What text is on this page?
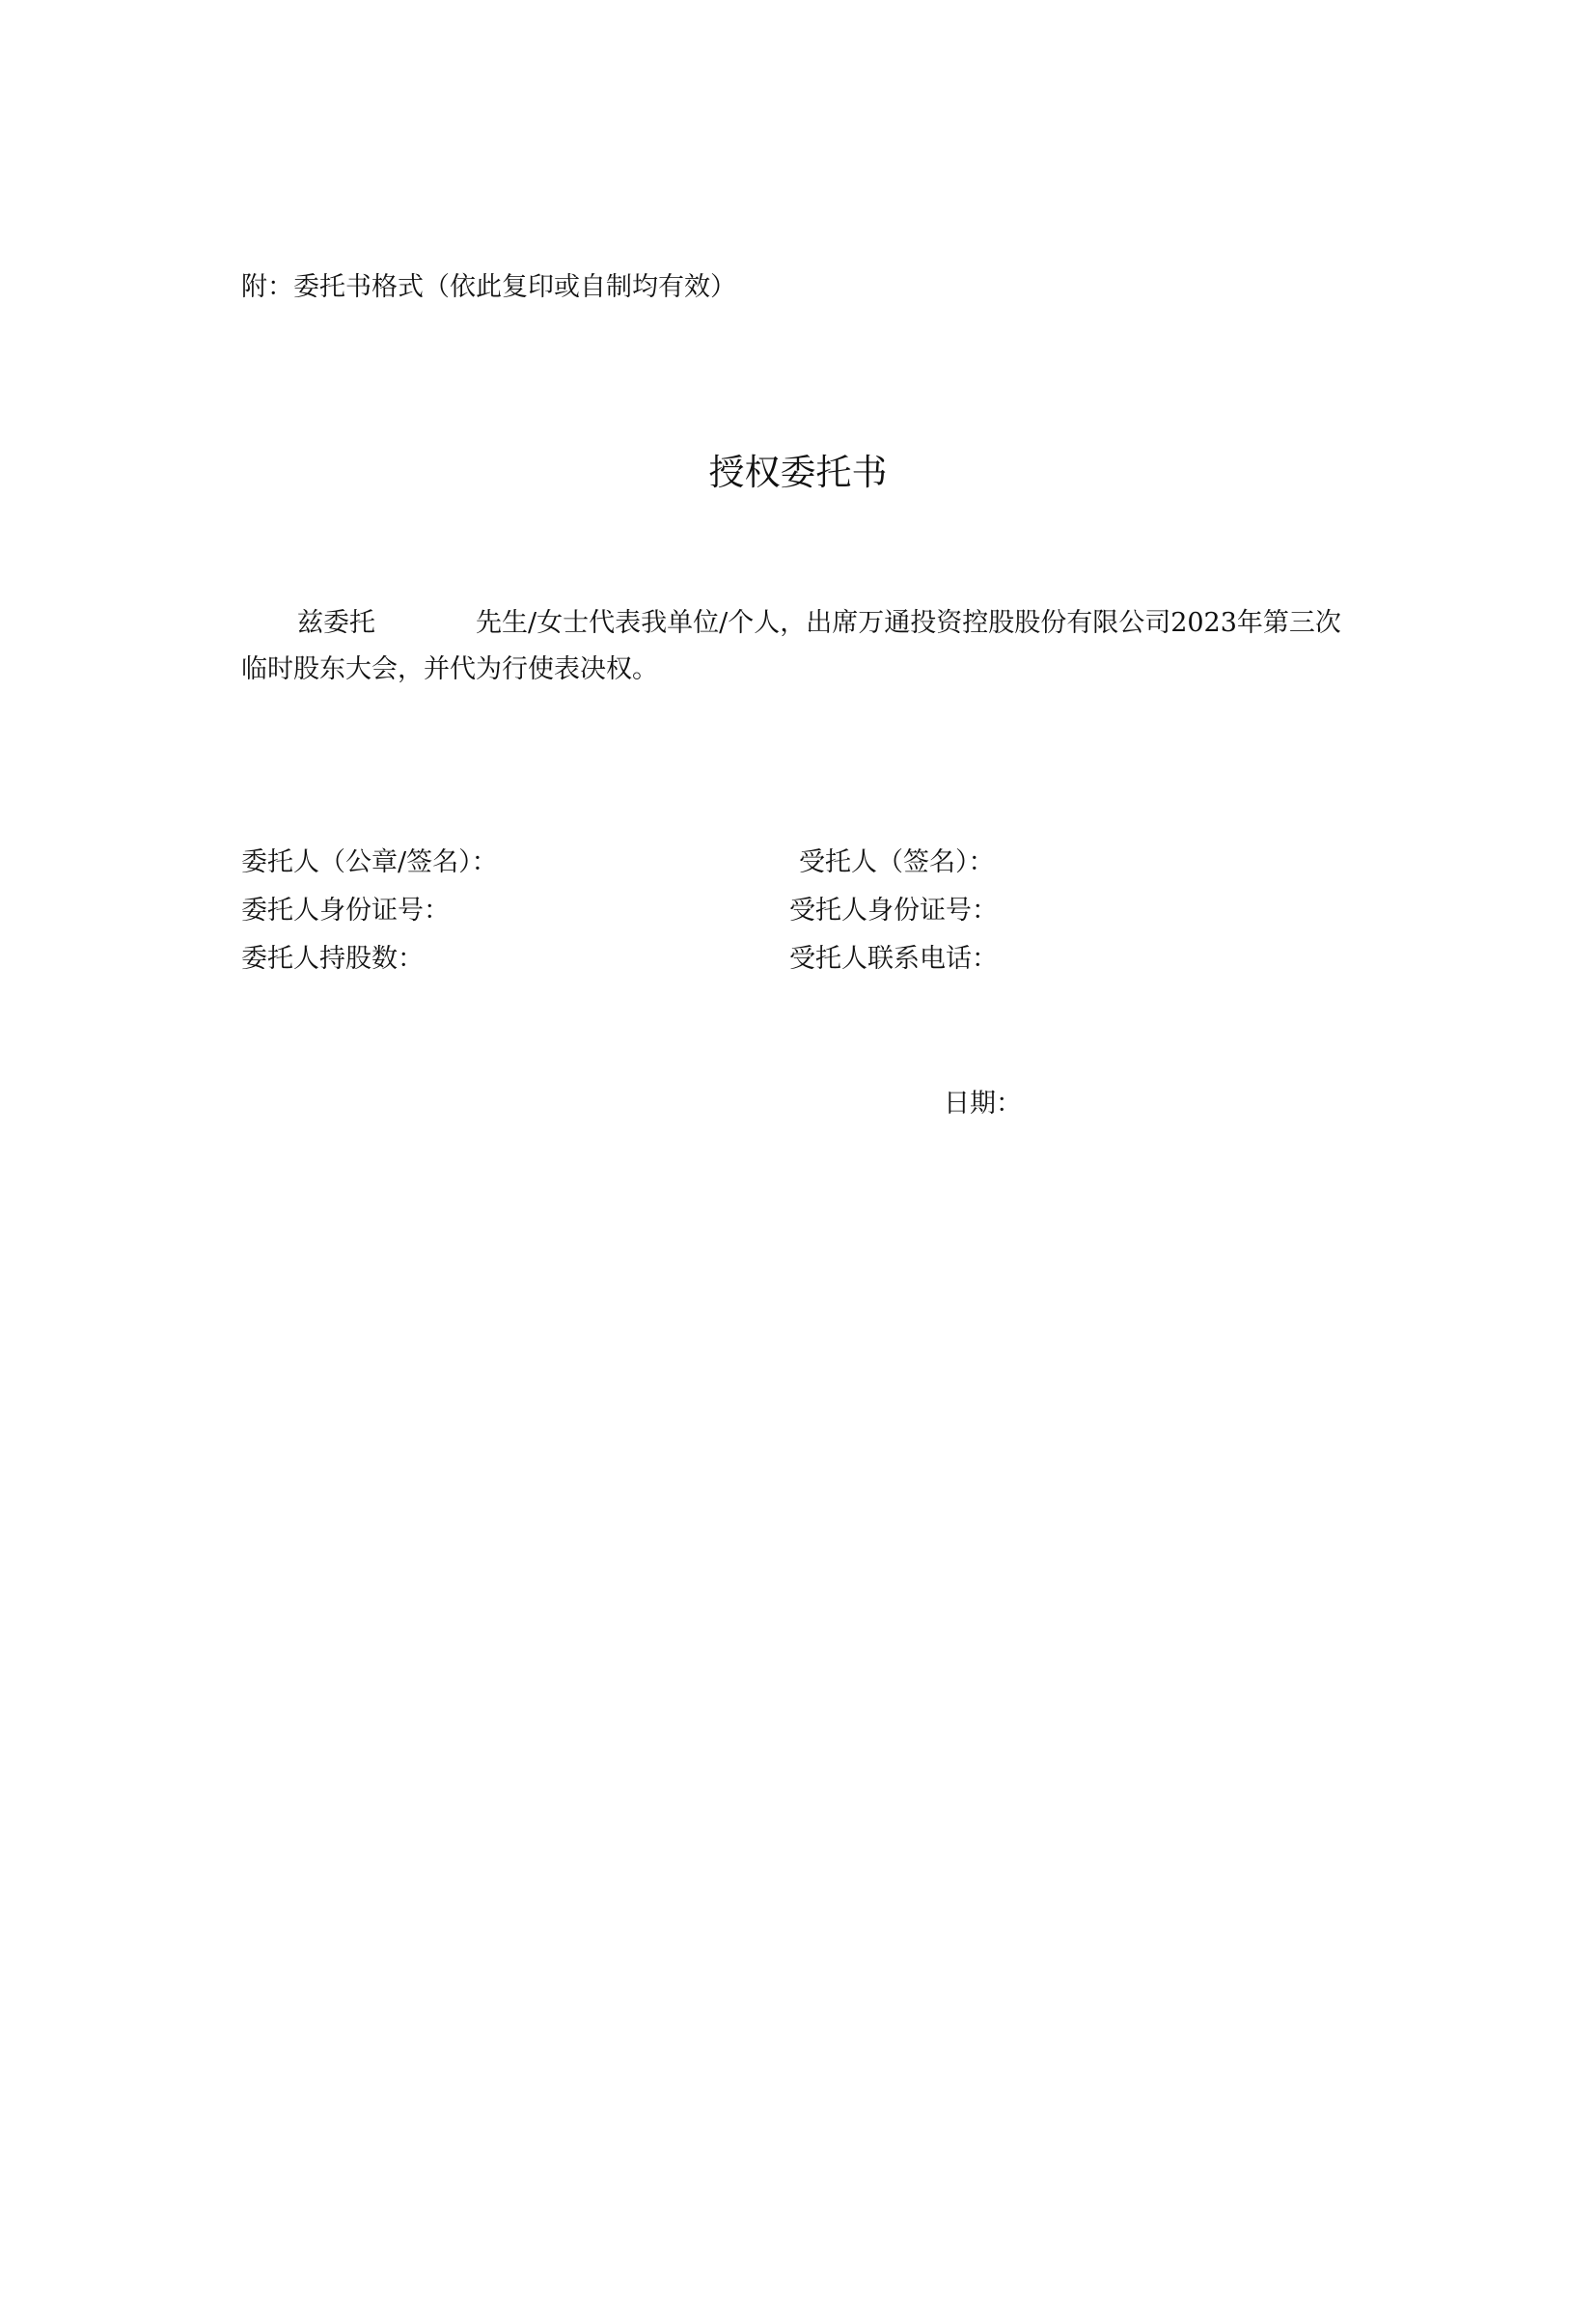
附：委托书格式（依此复印或自制均有效）
授权委托书
兹委托	先生/女士代表我单位/个人，出席万通投资控股股份有限公司2023年第三次临时股东大会，并代为行使表决权。
委托人（公章/签名）：	受托人（签名）：
委托人身份证号：	受托人身份证号：
委托人持股数：	受托人联系电话：
日期：
